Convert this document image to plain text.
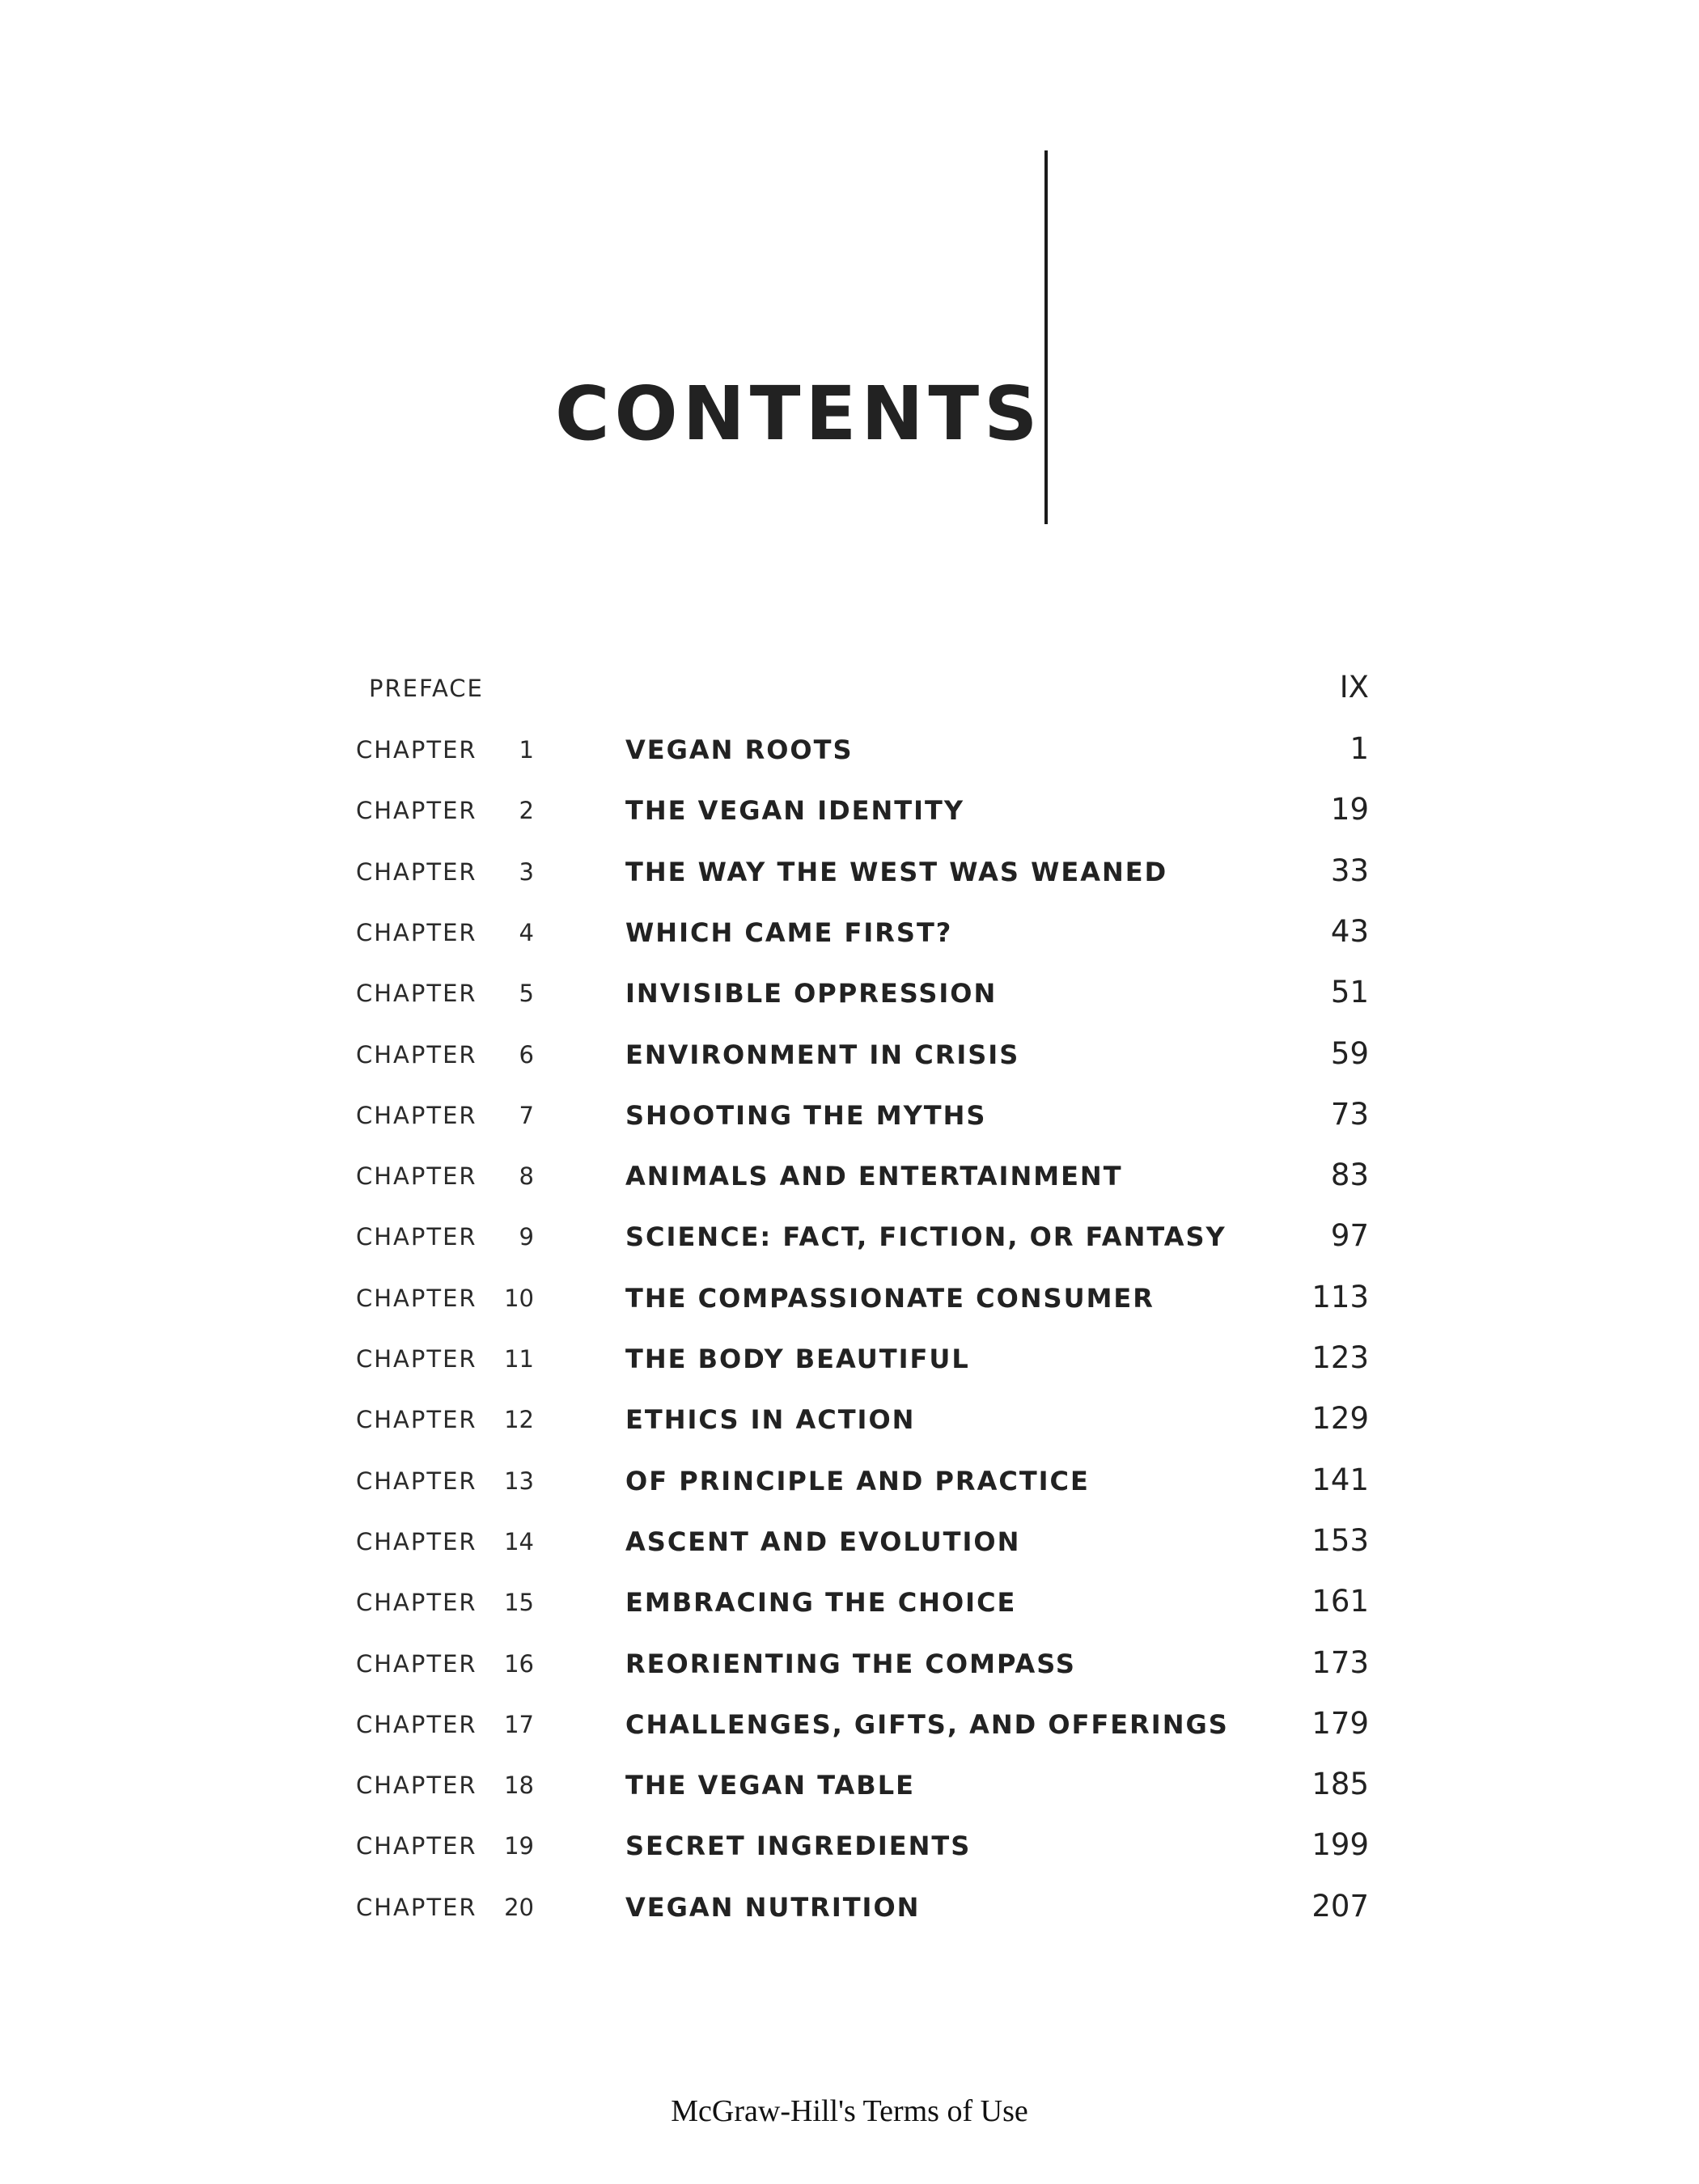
CONTENTS
PREFACE	IX
CHAPTER 1	VEGAN ROOTS	1
CHAPTER 2	THE VEGAN IDENTITY	19
CHAPTER 3	THE WAY THE WEST WAS WEANED	33
CHAPTER 4	WHICH CAME FIRST?	43
CHAPTER 5	INVISIBLE OPPRESSION	51
CHAPTER 6	ENVIRONMENT IN CRISIS	59
CHAPTER 7	SHOOTING THE MYTHS	73
CHAPTER 8	ANIMALS AND ENTERTAINMENT	83
CHAPTER 9	SCIENCE: FACT, FICTION, OR FANTASY	97
CHAPTER 10	THE COMPASSIONATE CONSUMER	113
CHAPTER 11	THE BODY BEAUTIFUL	123
CHAPTER 12	ETHICS IN ACTION	129
CHAPTER 13	OF PRINCIPLE AND PRACTICE	141
CHAPTER 14	ASCENT AND EVOLUTION	153
CHAPTER 15	EMBRACING THE CHOICE	161
CHAPTER 16	REORIENTING THE COMPASS	173
CHAPTER 17	CHALLENGES, GIFTS, AND OFFERINGS	179
CHAPTER 18	THE VEGAN TABLE	185
CHAPTER 19	SECRET INGREDIENTS	199
CHAPTER 20	VEGAN NUTRITION	207
McGraw-Hill's Terms of Use
